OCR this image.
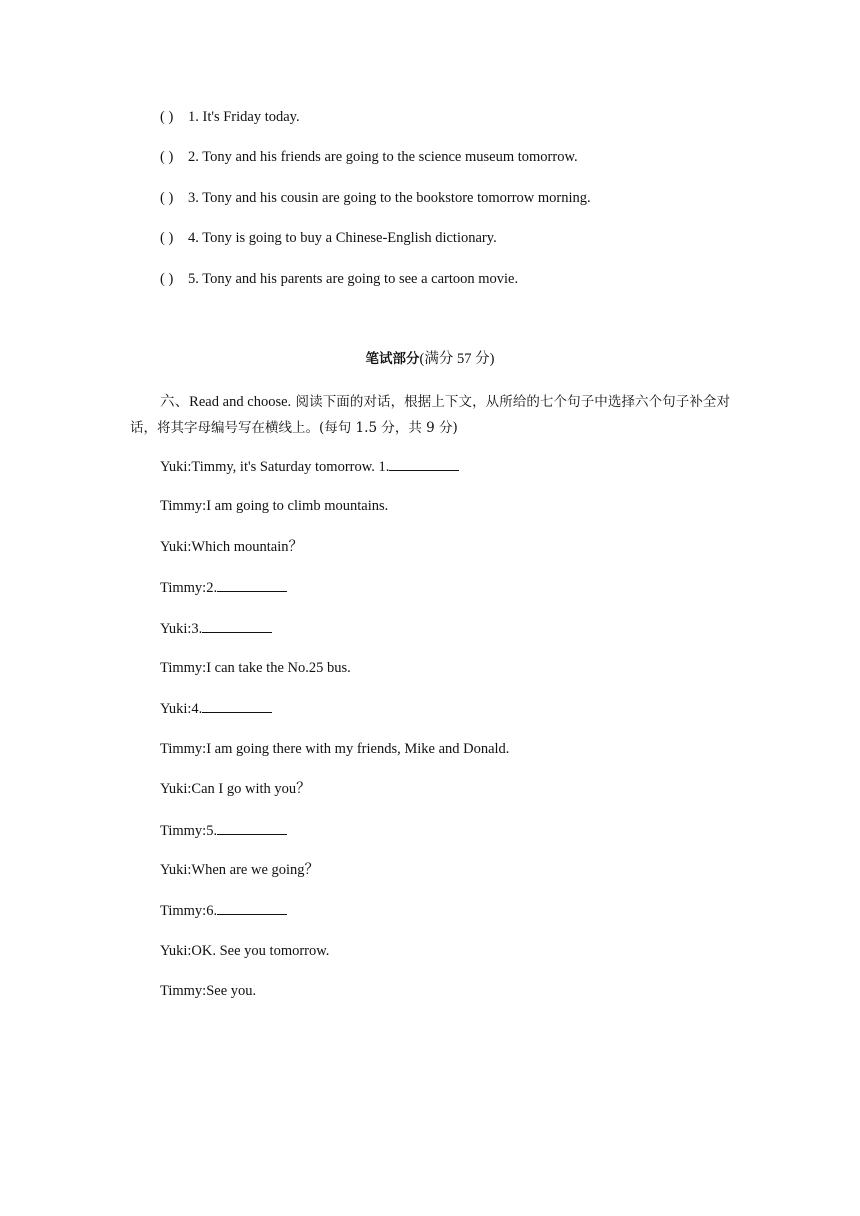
( ) 1. It's Friday today.
( ) 2. Tony and his friends are going to the science museum tomorrow.
( ) 3. Tony and his cousin are going to the bookstore tomorrow morning.
( ) 4. Tony is going to buy a Chinese-English dictionary.
( ) 5. Tony and his parents are going to see a cartoon movie.
笔试部分(满分 57 分)
六、Read and choose. 阅读下面的对话，根据上下文，从所给的七个句子中选择六个句子补全对话，将其字母编号写在横线上。(每句 1.5 分，共 9 分)
Yuki:Timmy, it's Saturday tomorrow. 1.
Timmy:I am going to climb mountains.
Yuki:Which mountain？
Timmy:2.
Yuki:3.
Timmy:I can take the No.25 bus.
Yuki:4.
Timmy:I am going there with my friends, Mike and Donald.
Yuki:Can I go with you？
Timmy:5.
Yuki:When are we going？
Timmy:6.
Yuki:OK. See you tomorrow.
Timmy:See you.
